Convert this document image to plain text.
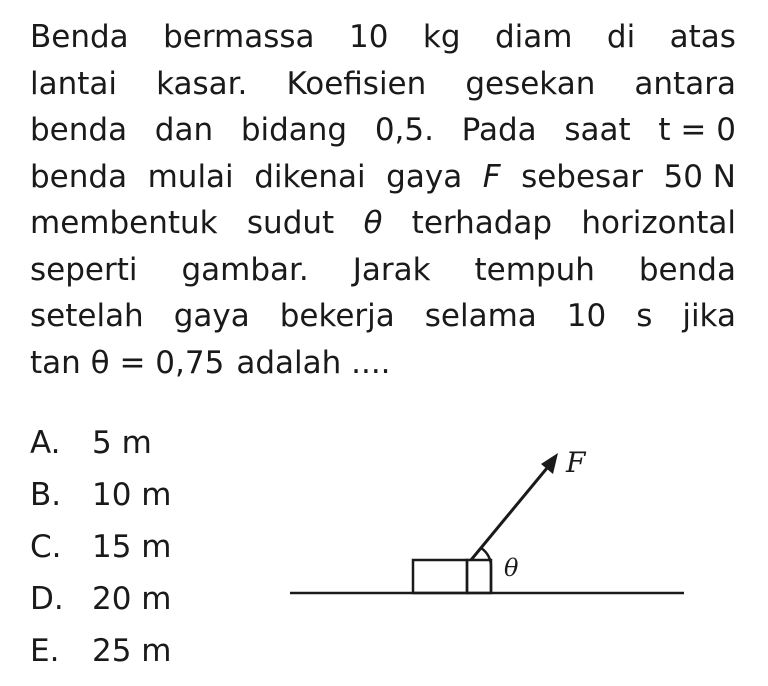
Benda bermassa 10 kg diam di atas
lantai kasar. Koefisien gesekan antara
benda dan bidang 0,5. Pada saat t = 0
benda mulai dikenai gaya F sebesar 50 N
membentuk sudut θ terhadap horizontal
seperti gambar. Jarak tempuh benda
setelah gaya bekerja selama 10 s jika
tan θ = 0,75 adalah ....
A.	5 m
B. 10 m
C. 15 m
D. 20 m
E.	25 m
F
θ
